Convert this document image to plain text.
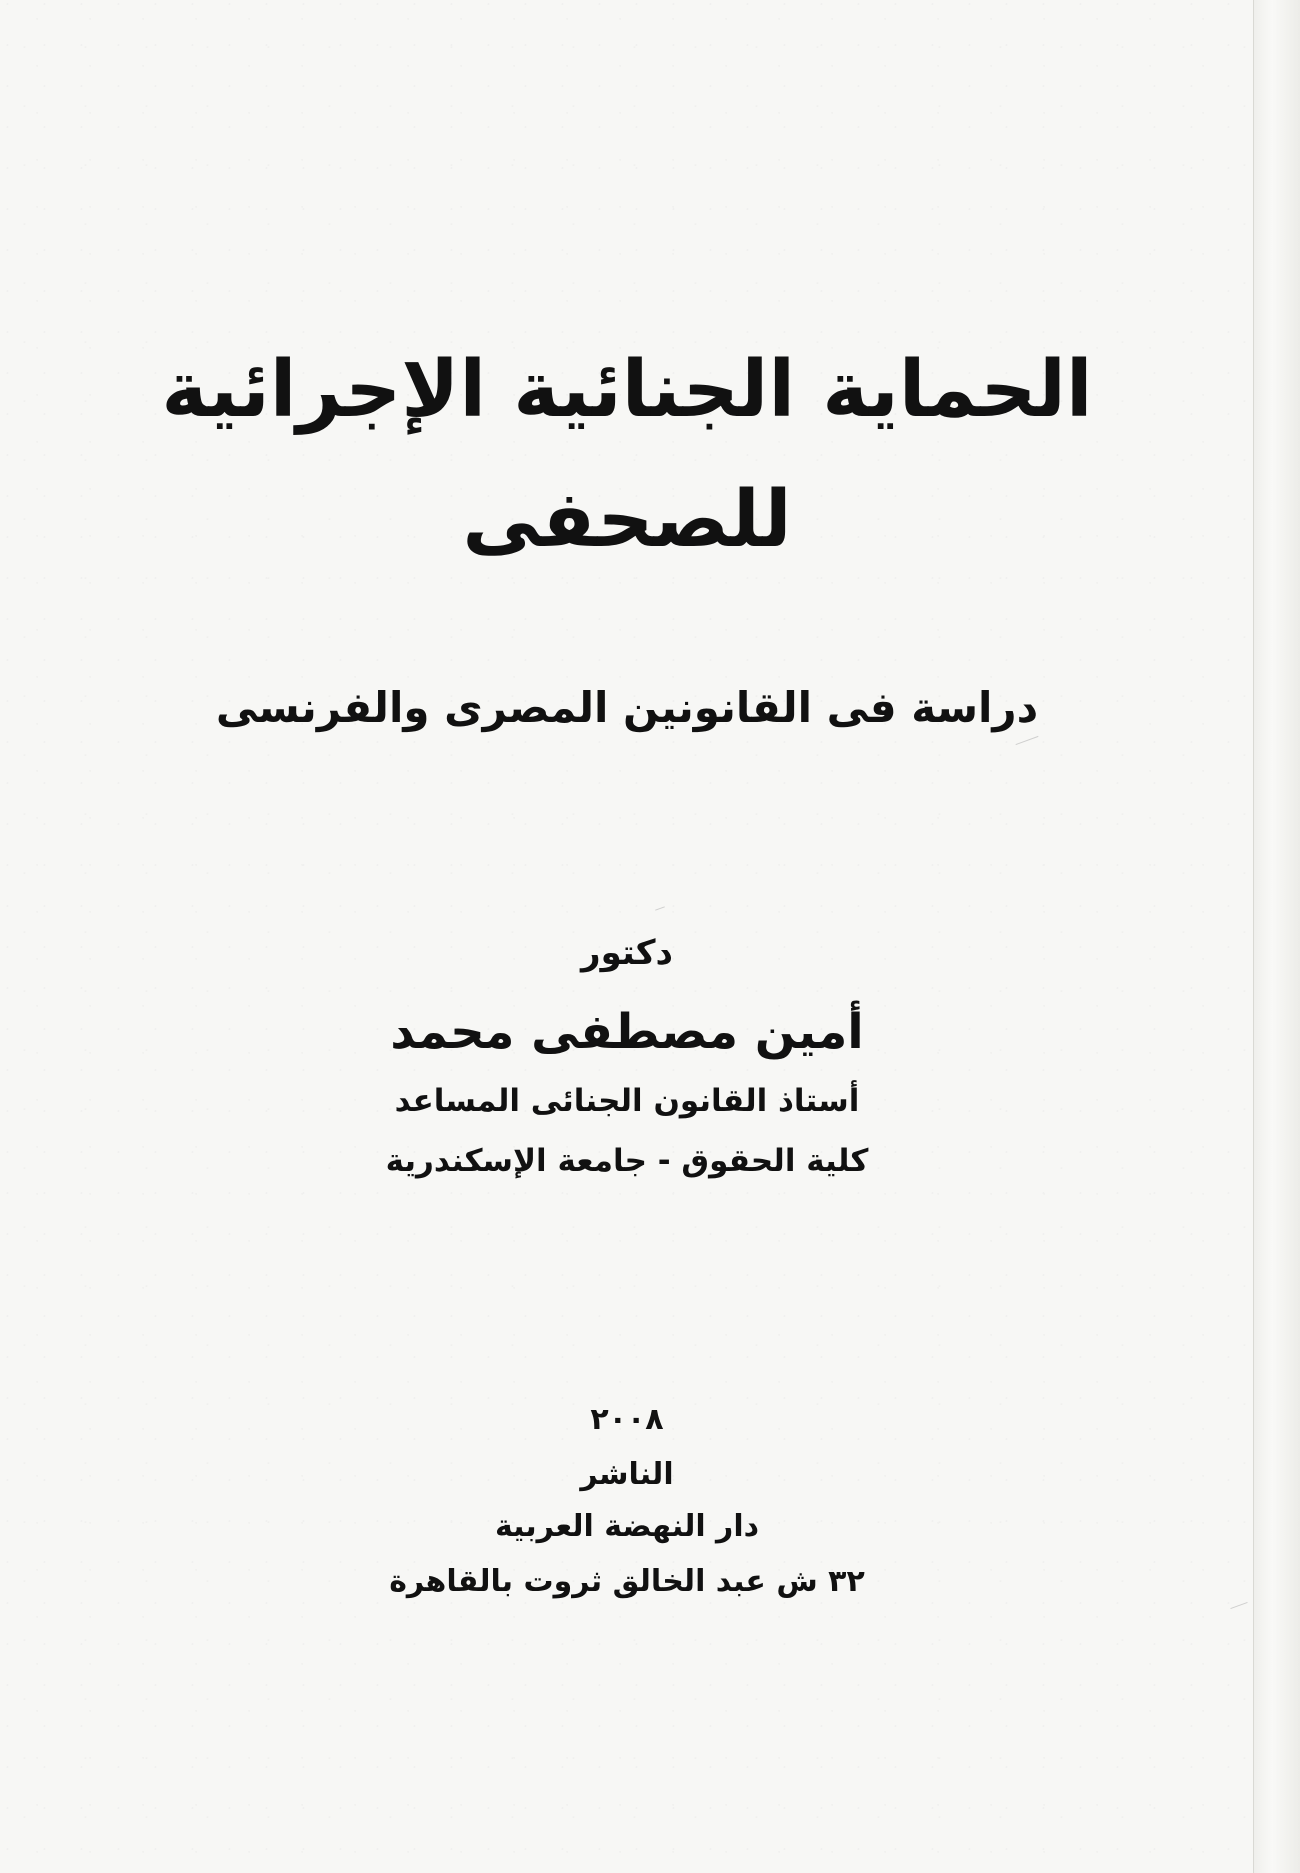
الحماية الجنائية الإجرائية
للصحفى
دراسة فى القانونين المصرى والفرنسى
دكتور
أمين مصطفى محمد
أستاذ القانون الجنائى المساعد
كلية الحقوق - جامعة الإسكندرية
٢٠٠٨
الناشر
دار النهضة العربية
٣٢ ش عبد الخالق ثروت بالقاهرة
